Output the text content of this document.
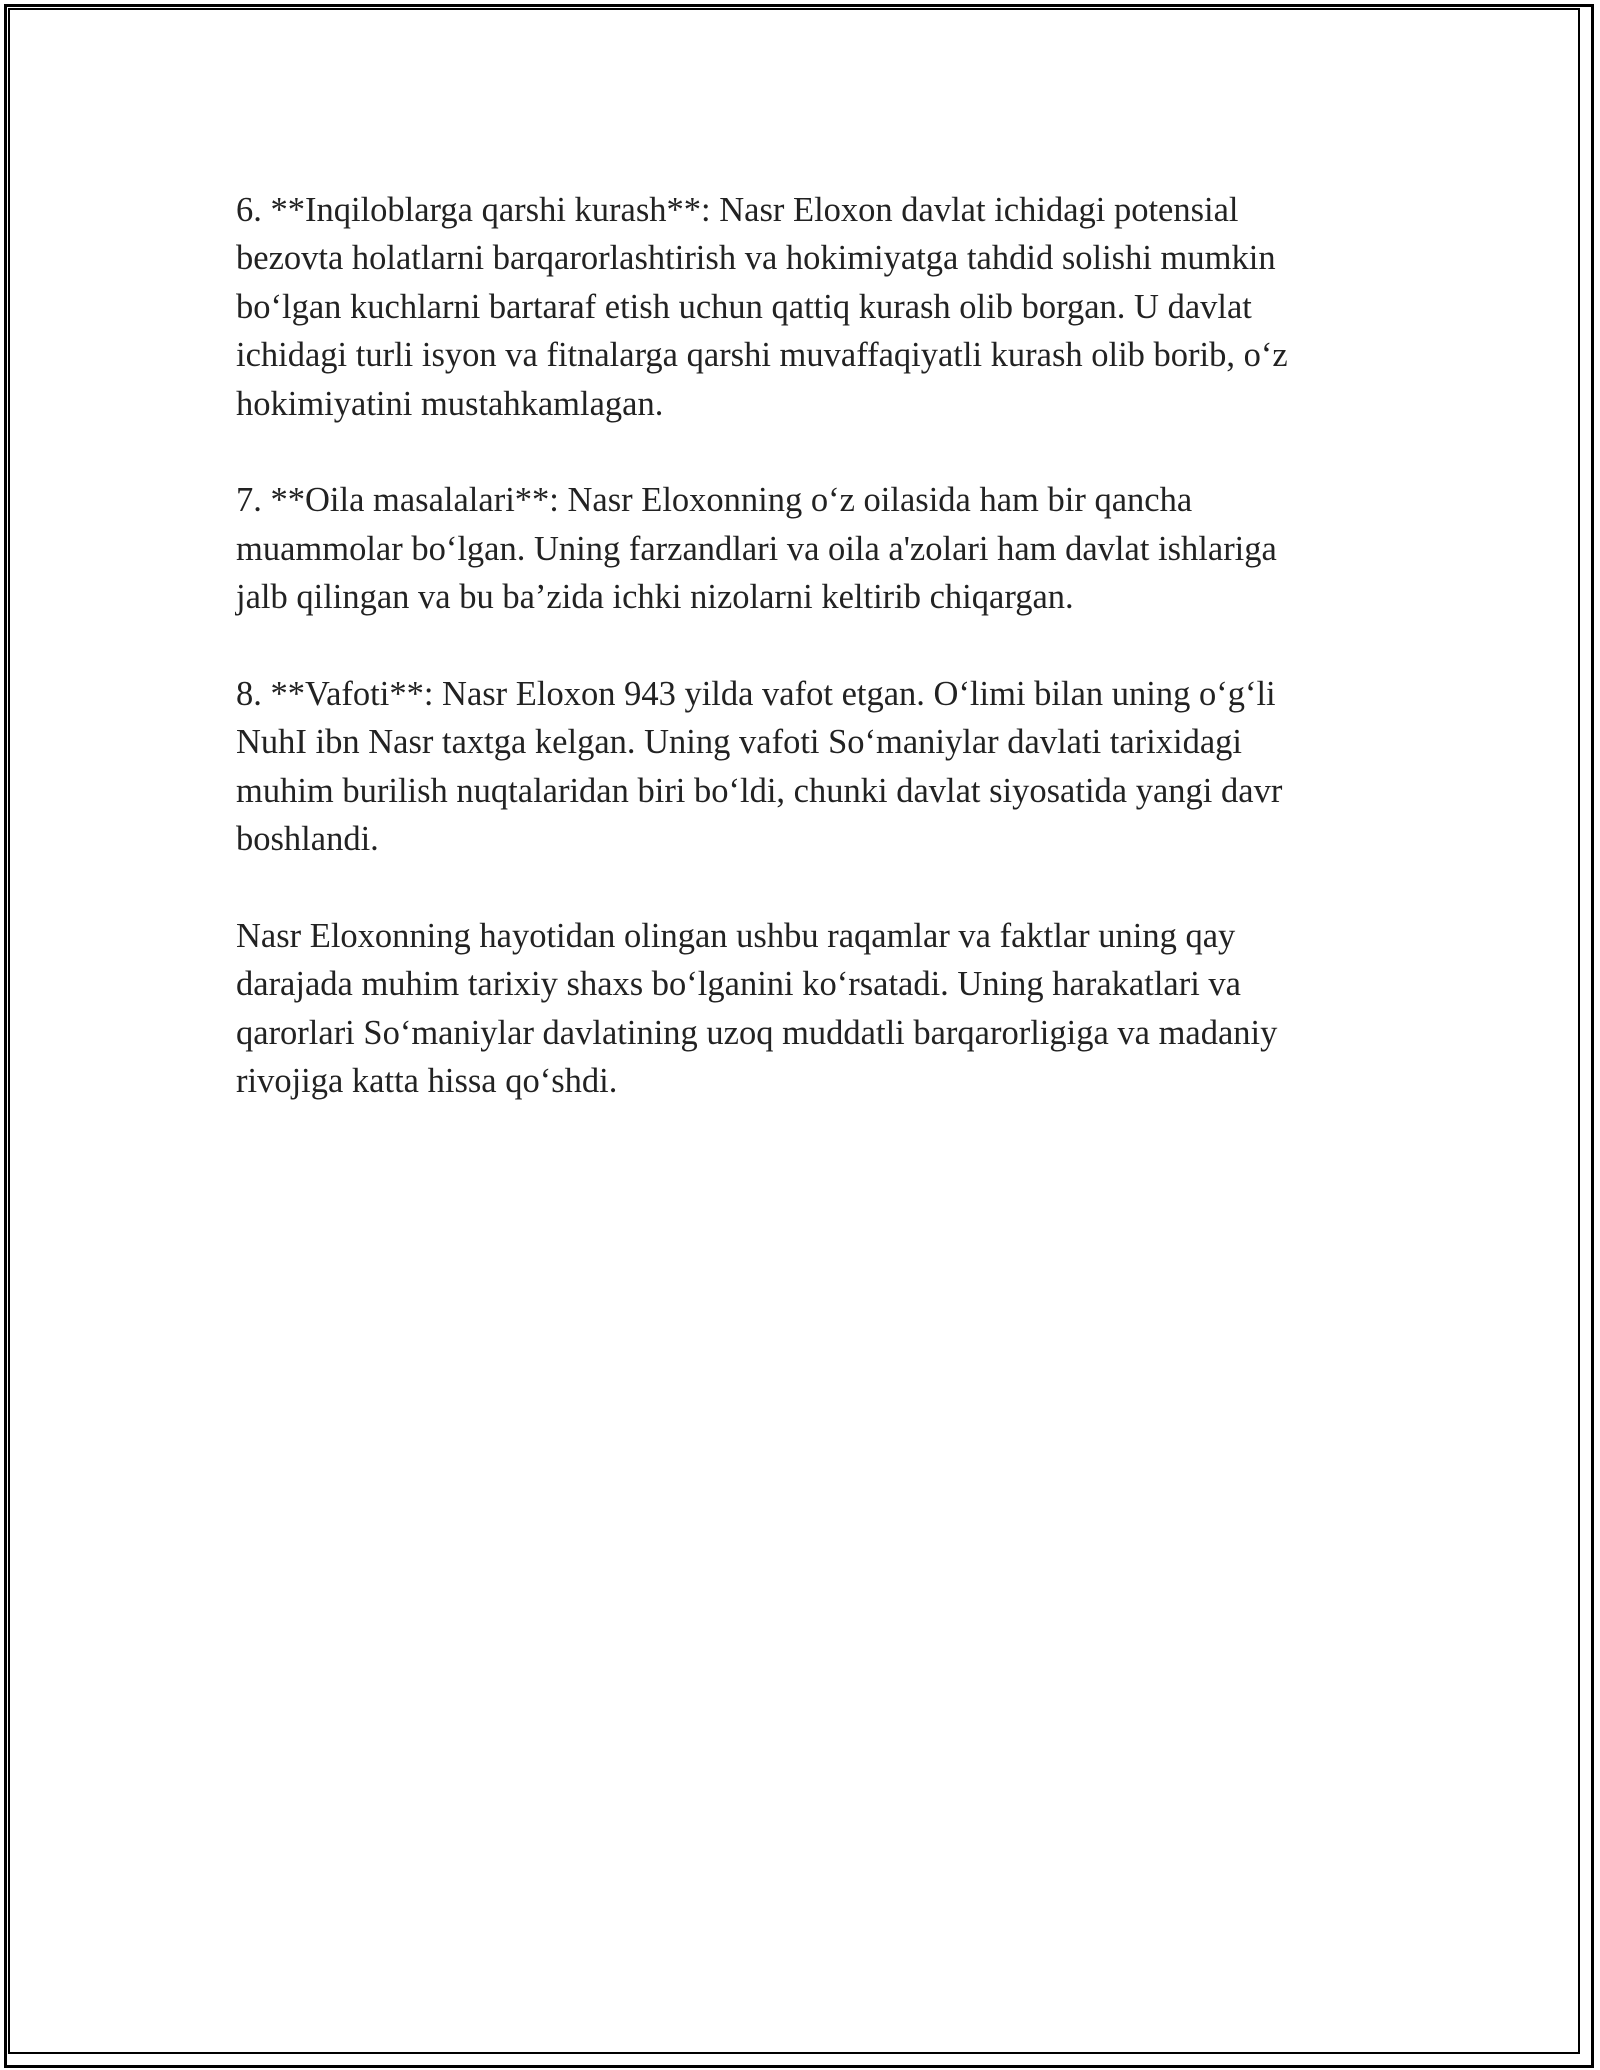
6. **Inqiloblarga qarshi kurash**: Nasr Eloxon davlat ichidagi potensial
bezovta holatlarni barqarorlashtirish va hokimiyatga tahdid solishi mumkin
bo‘lgan kuchlarni bartaraf etish uchun qattiq kurash olib borgan. U davlat
ichidagi turli isyon va fitnalarga qarshi muvaffaqiyatli kurash olib borib, o‘z
hokimiyatini mustahkamlagan.

7. **Oila masalalari**: Nasr Eloxonning o‘z oilasida ham bir qancha
muammolar bo‘lgan. Uning farzandlari va oila a'zolari ham davlat ishlariga
jalb qilingan va bu ba’zida ichki nizolarni keltirib chiqargan.

8. **Vafoti**: Nasr Eloxon 943 yilda vafot etgan. O‘limi bilan uning o‘g‘li
NuhI ibn Nasr taxtga kelgan. Uning vafoti So‘maniylar davlati tarixidagi
muhim burilish nuqtalaridan biri bo‘ldi, chunki davlat siyosatida yangi davr
boshlandi.

Nasr Eloxonning hayotidan olingan ushbu raqamlar va faktlar uning qay
darajada muhim tarixiy shaxs bo‘lganini ko‘rsatadi. Uning harakatlari va
qarorlari So‘maniylar davlatining uzoq muddatli barqarorligiga va madaniy
rivojiga katta hissa qo‘shdi.
